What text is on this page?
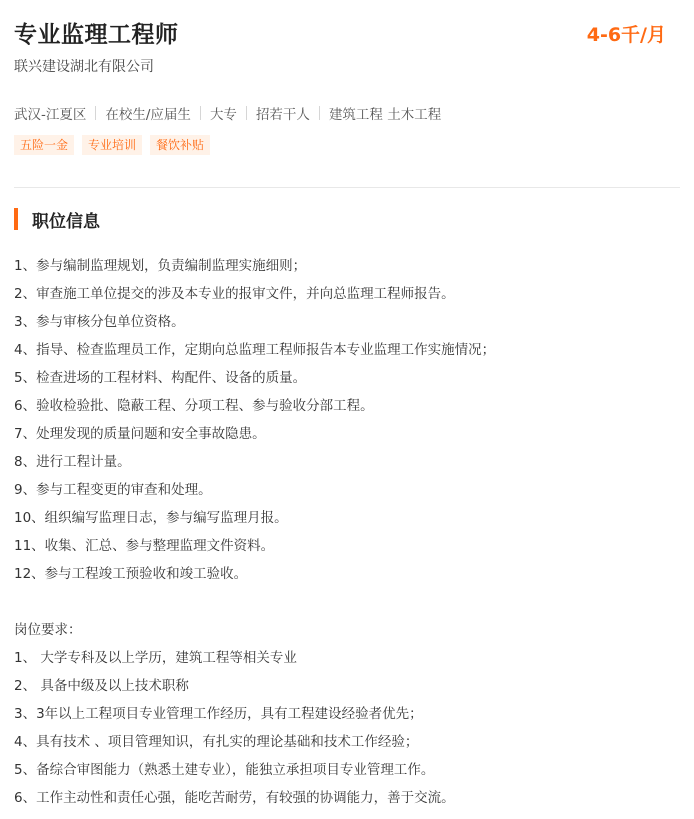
专业监理工程师	4-6千/月
联兴建设湖北有限公司
武汉-江夏区 在校生/应届生 大专 招若干人 建筑工程 土木工程
五险一金	专业培训	餐饮补贴
职位信息
1、参与编制监理规划，负责编制监理实施细则；
2、审查施工单位提交的涉及本专业的报审文件，并向总监理工程师报告。
3、参与审核分包单位资格。
4、指导、检查监理员工作，定期向总监理工程师报告本专业监理工作实施情况；
5、检查进场的工程材料、构配件、设备的质量。
6、验收检验批、隐蔽工程、分项工程、参与验收分部工程。
7、处理发现的质量问题和安全事故隐患。
8、进行工程计量。
9、参与工程变更的审查和处理。
10、组织编写监理日志，参与编写监理月报。
11、收集、汇总、参与整理监理文件资料。
12、参与工程竣工预验收和竣工验收。
岗位要求：
1、 大学专科及以上学历，建筑工程等相关专业
2、 具备中级及以上技术职称
3、3年以上工程项目专业管理工作经历，具有工程建设经验者优先；
4、具有技术 、项目管理知识，有扎实的理论基础和技术工作经验；
5、备综合审图能力（熟悉土建专业），能独立承担项目专业管理工作。
6、工作主动性和责任心强，能吃苦耐劳，有较强的协调能力，善于交流。
